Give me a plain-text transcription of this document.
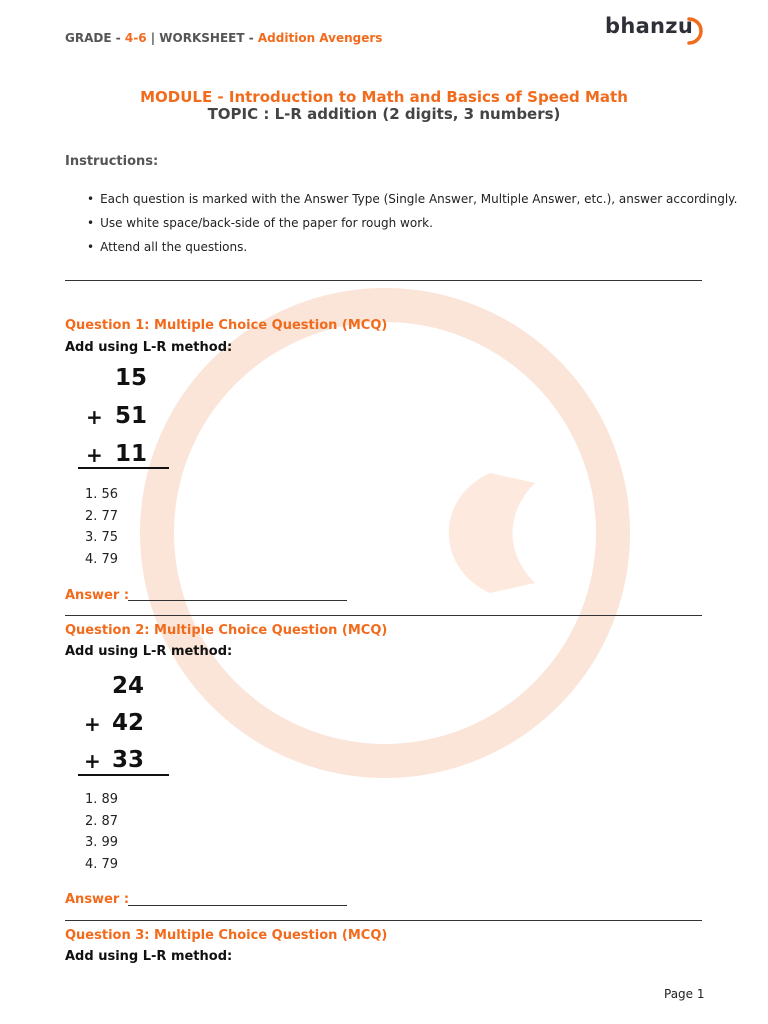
GRADE - 4-6 | WORKSHEET - Addition Avengers	bhanzu
MODULE - Introduction to Math and Basics of Speed Math
TOPIC : L-R addition (2 digits, 3 numbers)
Instructions:
• Each question is marked with the Answer Type (Single Answer, Multiple Answer, etc.), answer accordingly.
• Use white space/back-side of the paper for rough work.
• Attend all the questions.
Question 1: Multiple Choice Question (MCQ)
Add using L-R method:
15
+ 51
+ 11
1. 56
2. 77
3. 75
4. 79
Answer :
Question 2: Multiple Choice Question (MCQ)
Add using L-R method:
24
+ 42
+ 33
1. 89
2. 87
3. 99
4. 79
Answer :
Question 3: Multiple Choice Question (MCQ)
Add using L-R method:
Page 1
